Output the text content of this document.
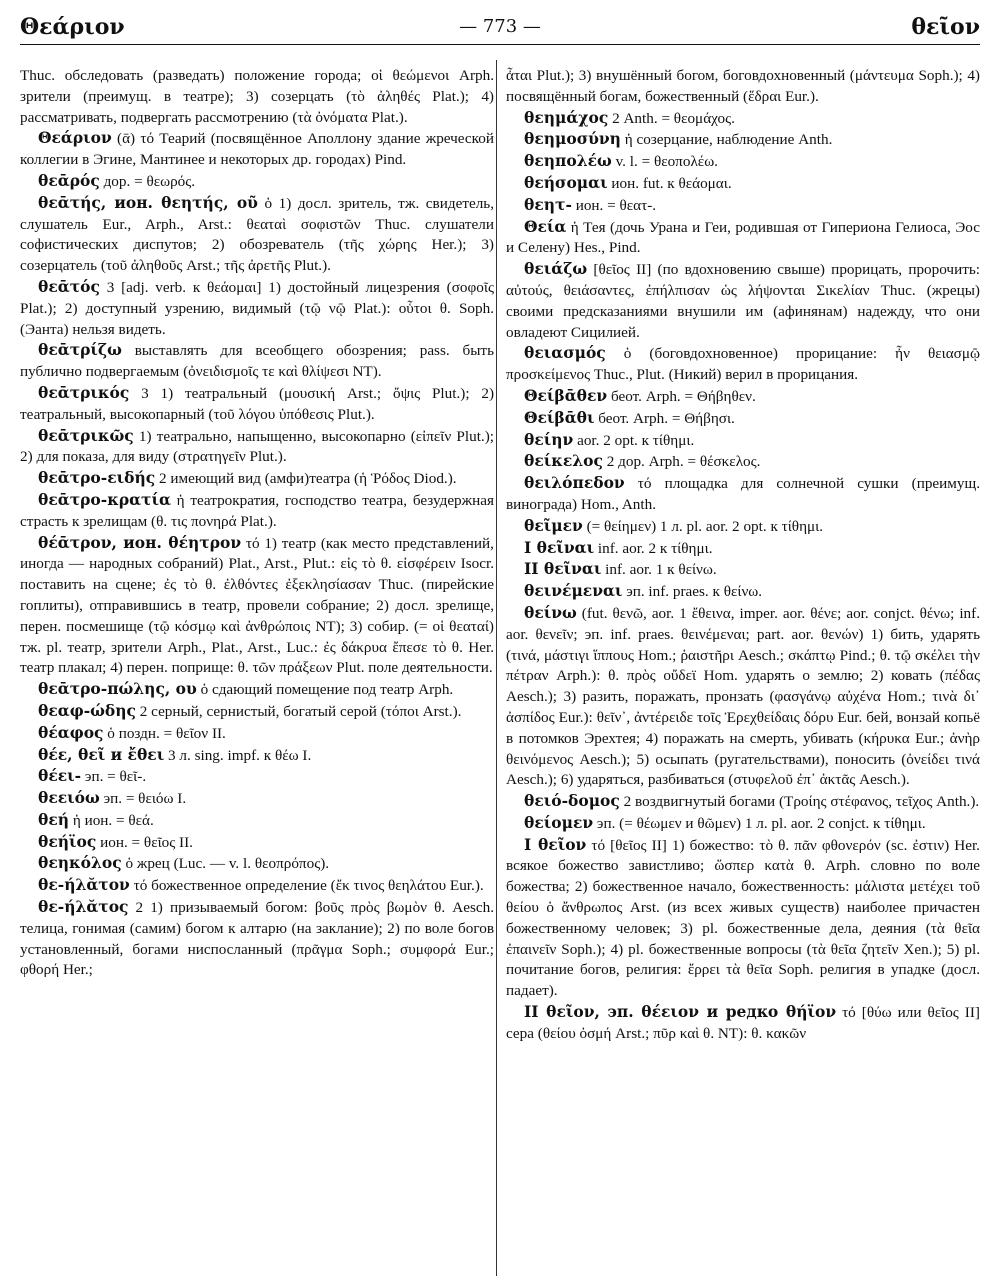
Θεάριον	— 773 —	θεῖον

Thuc. обследовать (разведать) положение города; οἱ θεώμενοι Arph. зрители (преимущ. в театре); 3) созерцать (τὸ ἀληθές Plat.); 4) рассматривать, подвергать рассмотрению (τὰ ὀνόματα Plat.).

Θεάριον (ᾱ) τό Теарий (посвящённое Аполлону здание жреческой коллегии в Эгине, Мантинее и некоторых др. городах) Pind.

θεᾱρός дор. = θεωρός.

θεᾱτής, ион. θεητής, οῦ ὁ 1) досл. зритель, тж. свидетель, слушатель Eur., Arph., Arst.: θεαταὶ σοφιστῶν Thuc. слушатели софистических диспутов; 2) обозреватель (τῆς χώρης Her.); 3) созерцатель (τοῦ ἀληθοῦς Arst.; τῆς ἀρετῆς Plut.).

θεᾱτός 3 [adj. verb. к θεάομαι] 1) достойный лицезрения (σοφοῖς Plat.); 2) доступный узрению, видимый (τῷ νῷ Plat.): οὗτοι θ. Soph. (Эанта) нельзя видеть.

θεᾱτρίζω выставлять для всеобщего обозрения; pass. быть публично подвергаемым (ὀνειδισμοῖς τε καὶ θλίψεσι NT).

θεᾱτρικός 3 1) театральный (μουσική Arst.; ὄψις Plut.); 2) театральный, высокопарный (τοῦ λόγου ὑπόθεσις Plut.).

θεᾱτρικῶς 1) театрально, напыщенно, высокопарно (εἰπεῖν Plut.); 2) для показа, для виду (στρατηγεῖν Plut.).

θεᾱτρο-ειδής 2 имеющий вид (амфи)театра (ἡ Ῥόδος Diod.).

θεᾱτρο-κρατία ἡ театрократия, господство театра, безудержная страсть к зрелищам (θ. τις πονηρά Plat.).

θέᾱτρον, ион. θέητρον τό 1) театр (как место представлений, иногда — народных собраний) Plat., Arst., Plut.: εἰς τὸ θ. εἰσφέρειν Isocr. поставить на сцене; ἐς τὸ θ. ἐλθόντες ἐξεκλησίασαν Thuc. (пирейские гоплиты), отправившись в театр, провели собрание; 2) досл. зрелище, перен. посмешище (τῷ κόσμῳ καὶ ἀνθρώποις NT); 3) собир. (= οἱ θεαταί) тж. pl. театр, зрители Arph., Plat., Arst., Luc.: ἐς δάκρυα ἔπεσε τὸ θ. Her. театр плакал; 4) перен. поприще: θ. τῶν πράξεων Plut. поле деятельности.

θεᾱτρο-πώλης, ου ὁ сдающий помещение под театр Arph.

θεαφ-ώδης 2 серный, сернистый, богатый серой (τόποι Arst.).

θέαφος ὁ поздн. = θεῖον II.

θέε, θεῖ и ἔθει 3 л. sing. impf. к θέω I.

θέει- эп. = θεῖ-.

θεειόω эп. = θειόω I.

θεή ἡ ион. = θεά.

θεήϊος ион. = θεῖος II.

θεηκόλος ὁ жрец (Luc. — v. l. θεοπρόπος).

θε-ήλᾰτον τό божественное определение (ἔκ τινος θεηλάτου Eur.).

θε-ήλᾰτος 2 1) призываемый богом: βοῦς πρὸς βωμὸν θ. Aesch. телица, гонимая (самим) богом к алтарю (на заклание); 2) по воле богов установленный, богами ниспосланный (πρᾶγμα Soph.; συμφορά Eur.; φθορή Her.;

ἆται Plut.); 3) внушённый богом, боговдохновенный (μάντευμα Soph.); 4) посвящённый богам, божественный (ἕδραι Eur.).

θεημάχος 2 Anth. = θεομάχος.

θεημοσύνη ἡ созерцание, наблюдение Anth.

θεηπολέω v. l. = θεοπολέω.

θεήσομαι ион. fut. к θεάομαι.

θεητ- ион. = θεατ-.

Θεία ἡ Тея (дочь Урана и Геи, родившая от Гипериона Гелиоса, Эос и Селену) Hes., Pind.

θειάζω [θεῖος II] (по вдохновению свыше) прорицать, пророчить: αὐτούς, θειάσαντες, ἐπήλπισαν ὡς λήψονται Σικελίαν Thuc. (жрецы) своими предсказаниями внушили им (афинянам) надежду, что они овладеют Сицилией.

θειασμός ὁ (боговдохновенное) прорицание: ἦν θειασμῷ προσκείμενος Thuc., Plut. (Никий) верил в прорицания.

Θείβᾱθεν беот. Arph. = Θήβηθεν.

Θείβᾱθι беот. Arph. = Θήβησι.

θείην aor. 2 opt. к τίθημι.

θείκελος 2 дор. Arph. = θέσκελος.

θειλόπεδον τό площадка для солнечной сушки (преимущ. винограда) Hom., Anth.

θεῖμεν (= θείημεν) 1 л. pl. aor. 2 opt. к τίθημι.

I θεῖναι inf. aor. 2 к τίθημι.

II θεῖναι inf. aor. 1 к θείνω.

θεινέμεναι эп. inf. praes. к θείνω.

θείνω (fut. θενῶ, aor. 1 ἔθεινα, imper. aor. θένε; aor. conjct. θένω; inf. aor. θενεῖν; эп. inf. praes. θεινέμεναι; part. aor. θενών) 1) бить, ударять (τινά, μάστιγι ἵππους Hom.; ῥαιστῆρι Aesch.; σκάπτῳ Pind.; θ. τῷ σκέλει τὴν πέτραν Arph.): θ. πρὸς οὔδεϊ Hom. ударять о землю; 2) ковать (πέδας Aesch.); 3) разить, поражать, пронзать (φασγάνῳ αὐχένα Hom.; τινὰ δι᾽ ἀσπίδος Eur.): θεῖν᾽, ἀντέρειδε τοῖς Ἐρεχθείδαις δόρυ Eur. бей, вонзай копьё в потомков Эрехтея; 4) поражать на смерть, убивать (κήρυκα Eur.; ἀνὴρ θεινόμενος Aesch.); 5) осыпать (ругательствами), поносить (ὀνείδει τινά Aesch.); 6) ударяться, разбиваться (στυφελοῦ ἐπ᾽ ἀκτᾶς Aesch.).

θειό-δομος 2 воздвигнутый богами (Τροίης στέφανος, τεῖχος Anth.).

θείομεν эп. (= θέωμεν и θῶμεν) 1 л. pl. aor. 2 conjct. к τίθημι.

I θεῖον τό [θεῖος II] 1) божество: τὸ θ. πᾶν φθονερόν (sc. ἐστιν) Her. всякое божество завистливо; ὥσπερ κατὰ θ. Arph. словно по воле божества; 2) божественное начало, божественность: μάλιστα μετέχει τοῦ θείου ὁ ἄνθρωπος Arst. (из всех живых существ) наиболее причастен божественному человек; 3) pl. божественные дела, деяния (τὰ θεῖα ἐπαινεῖν Soph.); 4) pl. божественные вопросы (τὰ θεῖα ζητεῖν Xen.); 5) pl. почитание богов, религия: ἔρρει τὰ θεῖα Soph. религия в упадке (досл. падает).

II θεῖον, эп. θέειον и редко θήϊον τό [θύω или θεῖος II] сера (θείου ὀσμή Arst.; πῦρ καὶ θ. NT): θ. κακῶν
